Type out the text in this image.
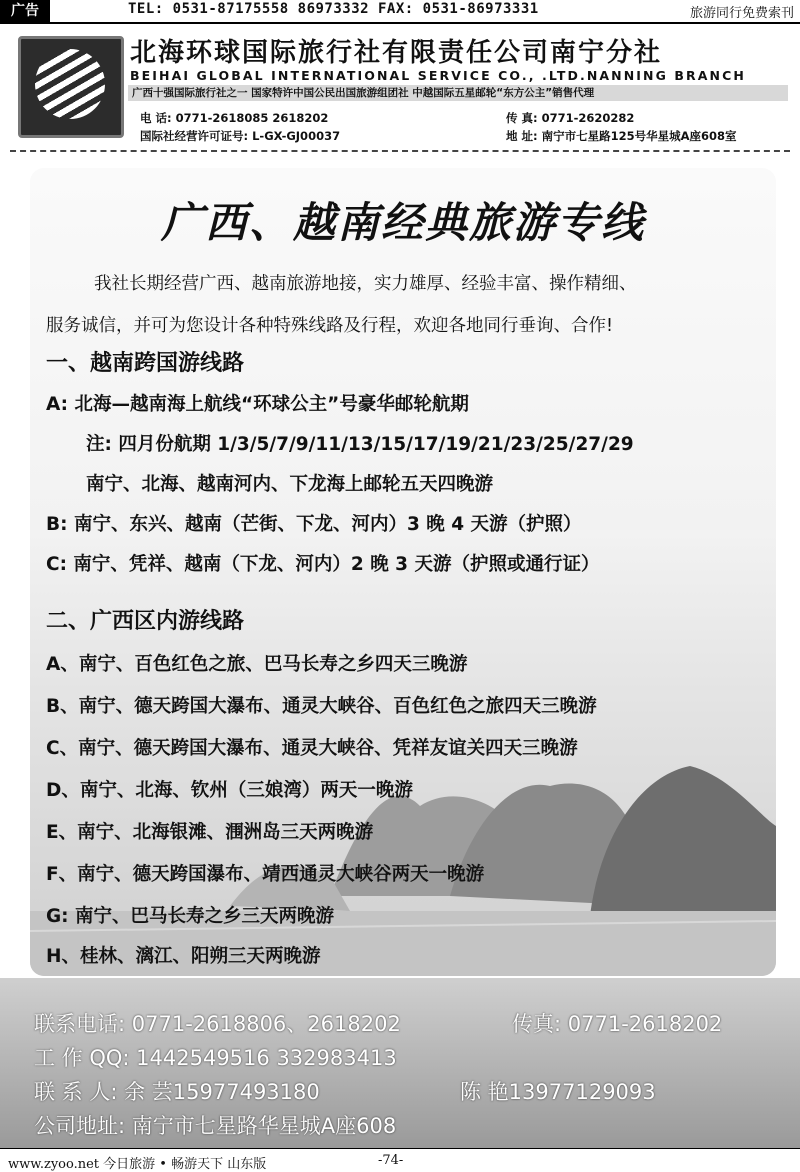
广告	TEL: 0531-87175558 86973332 FAX: 0531-86973331	旅游同行免费索刊
北海环球国际旅行社有限责任公司南宁分社
BEIHAI GLOBAL INTERNATIONAL SERVICE CO., .LTD.NANNING BRANCH
广西十强国际旅行社之一 国家特许中国公民出国旅游组团社 中越国际五星邮轮“东方公主”销售代理
电 话: 0771-2618085 2618202	传 真: 0771-2620282
国际社经营许可证号: L-GX-GJ00037	地 址: 南宁市七星路125号华星城A座608室
广西、越南经典旅游专线
我社长期经营广西、越南旅游地接，实力雄厚、经验丰富、操作精细、
服务诚信，并可为您设计各种特殊线路及行程，欢迎各地同行垂询、合作!
一、越南跨国游线路
A: 北海—越南海上航线“环球公主”号豪华邮轮航期
注: 四月份航期 1/3/5/7/9/11/13/15/17/19/21/23/25/27/29
南宁、北海、越南河内、下龙海上邮轮五天四晚游
B: 南宁、东兴、越南（芒街、下龙、河内）3 晚 4 天游（护照）
C: 南宁、凭祥、越南（下龙、河内）2 晚 3 天游（护照或通行证）
二、广西区内游线路
A、南宁、百色红色之旅、巴马长寿之乡四天三晚游
B、南宁、德天跨国大瀑布、通灵大峡谷、百色红色之旅四天三晚游
C、南宁、德天跨国大瀑布、通灵大峡谷、凭祥友谊关四天三晚游
D、南宁、北海、钦州（三娘湾）两天一晚游
E、南宁、北海银滩、涠洲岛三天两晚游
F、南宁、德天跨国瀑布、靖西通灵大峡谷两天一晚游
G: 南宁、巴马长寿之乡三天两晚游
H、桂林、漓江、阳朔三天两晚游
联系电话: 0771-2618806、2618202	传真: 0771-2618202
工 作 QQ: 1442549516 332983413
联 系 人: 余 芸15977493180	陈 艳13977129093
公司地址: 南宁市七星路华星城A座608
www.zyoo.net 今日旅游 • 畅游天下 山东版	-74-
